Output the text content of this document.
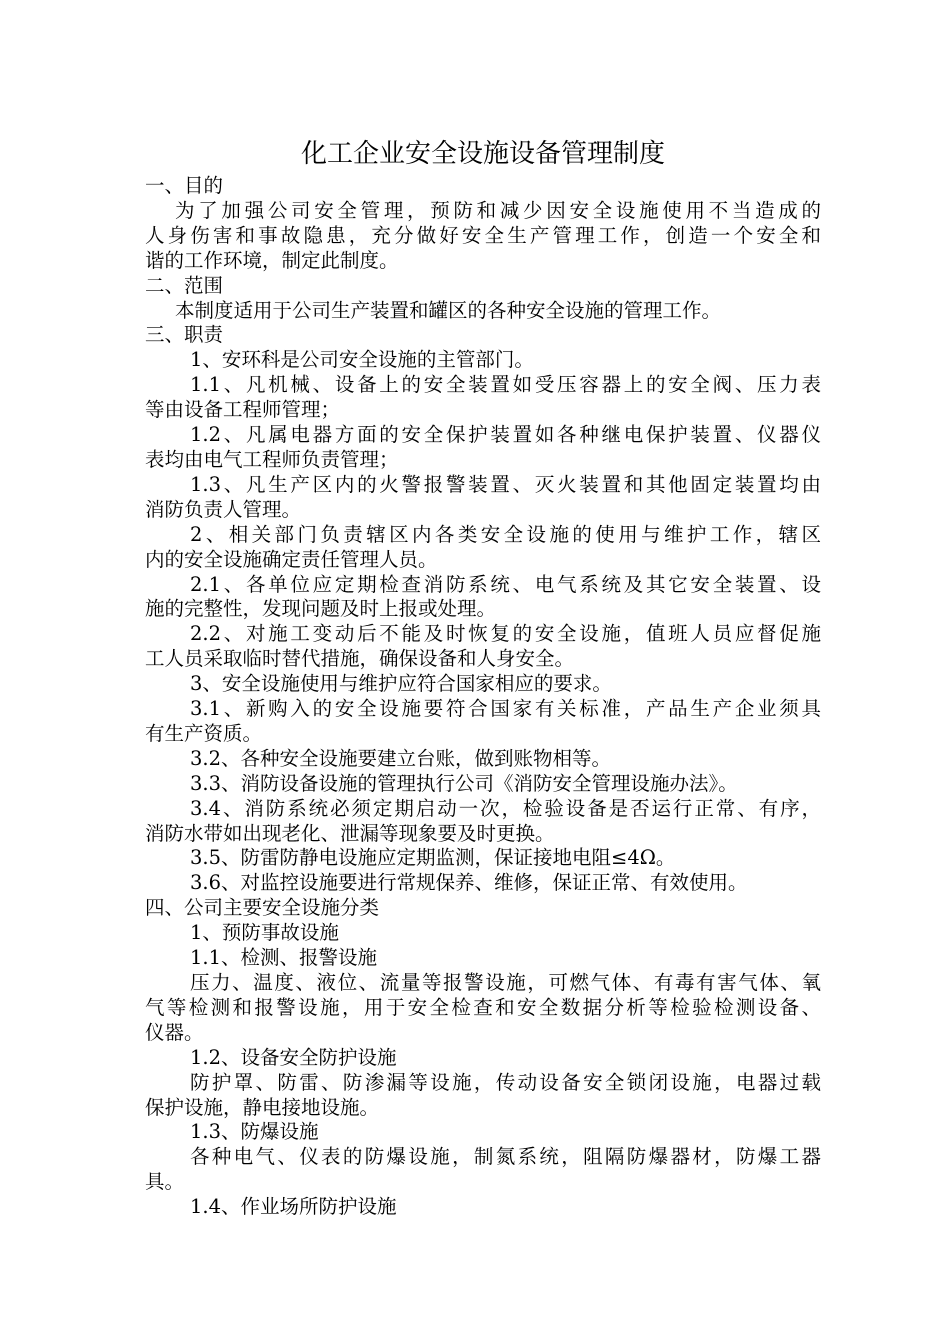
化工企业安全设施设备管理制度
一、目的
为了加强公司安全管理，预防和减少因安全设施使用不当造成的
人身伤害和事故隐患，充分做好安全生产管理工作，创造一个安全和
谐的工作环境，制定此制度。
二、范围
本制度适用于公司生产装置和罐区的各种安全设施的管理工作。
三、职责
1、安环科是公司安全设施的主管部门。
1.1、凡机械、设备上的安全装置如受压容器上的安全阀、压力表
等由设备工程师管理；
1.2、凡属电器方面的安全保护装置如各种继电保护装置、仪器仪
表均由电气工程师负责管理；
1.3、凡生产区内的火警报警装置、灭火装置和其他固定装置均由
消防负责人管理。
2、相关部门负责辖区内各类安全设施的使用与维护工作，辖区
内的安全设施确定责任管理人员。
2.1、各单位应定期检查消防系统、电气系统及其它安全装置、设
施的完整性，发现问题及时上报或处理。
2.2、对施工变动后不能及时恢复的安全设施，值班人员应督促施
工人员采取临时替代措施，确保设备和人身安全。
3、安全设施使用与维护应符合国家相应的要求。
3.1、新购入的安全设施要符合国家有关标准，产品生产企业须具
有生产资质。
3.2、各种安全设施要建立台账，做到账物相等。
3.3、消防设备设施的管理执行公司《消防安全管理设施办法》。
3.4、消防系统必须定期启动一次，检验设备是否运行正常、有序，
消防水带如出现老化、泄漏等现象要及时更换。
3.5、防雷防静电设施应定期监测，保证接地电阻≤4Ω。
3.6、对监控设施要进行常规保养、维修，保证正常、有效使用。
四、公司主要安全设施分类
1、预防事故设施
1.1、检测、报警设施
压力、温度、液位、流量等报警设施，可燃气体、有毒有害气体、氧
气等检测和报警设施，用于安全检查和安全数据分析等检验检测设备、
仪器。
1.2、设备安全防护设施
防护罩、防雷、防渗漏等设施，传动设备安全锁闭设施，电器过载
保护设施，静电接地设施。
1.3、防爆设施
各种电气、仪表的防爆设施，制氮系统，阻隔防爆器材，防爆工器
具。
1.4、作业场所防护设施
